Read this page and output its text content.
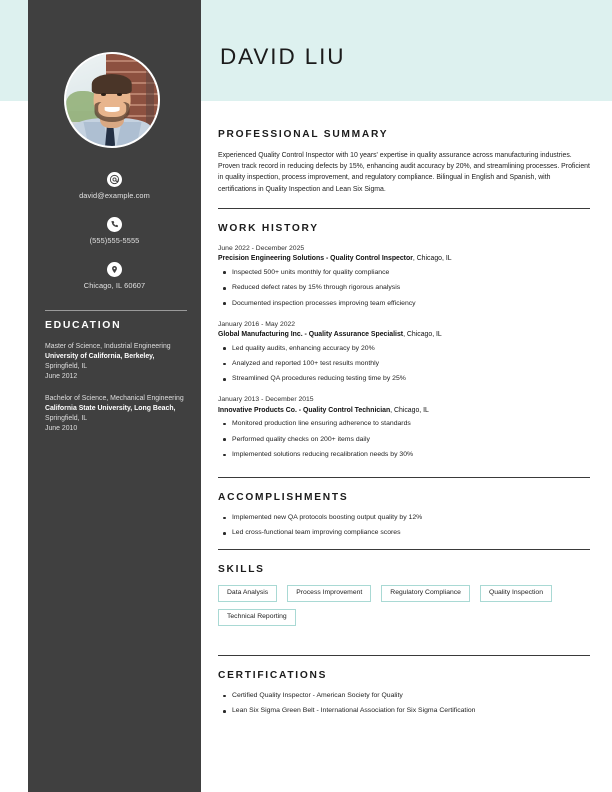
DAVID LIU
david@example.com
(555)555-5555
Chicago, IL 60607
EDUCATION
Master of Science, Industrial Engineering
University of California, Berkeley,
Springfield, IL
June 2012
Bachelor of Science, Mechanical Engineering
California State University, Long Beach,
Springfield, IL
June 2010
PROFESSIONAL SUMMARY
Experienced Quality Control Inspector with 10 years' expertise in quality assurance across manufacturing industries. Proven track record in reducing defects by 15%, enhancing audit accuracy by 20%, and streamlining processes. Proficient in quality inspection, process improvement, and regulatory compliance. Bilingual in English and Spanish, with certifications in Quality Inspection and Lean Six Sigma.
WORK HISTORY
June 2022 - December 2025
Precision Engineering Solutions - Quality Control Inspector, Chicago, IL
Inspected 500+ units monthly for quality compliance
Reduced defect rates by 15% through rigorous analysis
Documented inspection processes improving team efficiency
January 2016 - May 2022
Global Manufacturing Inc. - Quality Assurance Specialist, Chicago, IL
Led quality audits, enhancing accuracy by 20%
Analyzed and reported 100+ test results monthly
Streamlined QA procedures reducing testing time by 25%
January 2013 - December 2015
Innovative Products Co. - Quality Control Technician, Chicago, IL
Monitored production line ensuring adherence to standards
Performed quality checks on 200+ items daily
Implemented solutions reducing recalibration needs by 30%
ACCOMPLISHMENTS
Implemented new QA protocols boosting output quality by 12%
Led cross-functional team improving compliance scores
SKILLS
Data Analysis	Process Improvement	Regulatory Compliance	Quality Inspection
Technical Reporting
CERTIFICATIONS
Certified Quality Inspector - American Society for Quality
Lean Six Sigma Green Belt - International Association for Six Sigma Certification
